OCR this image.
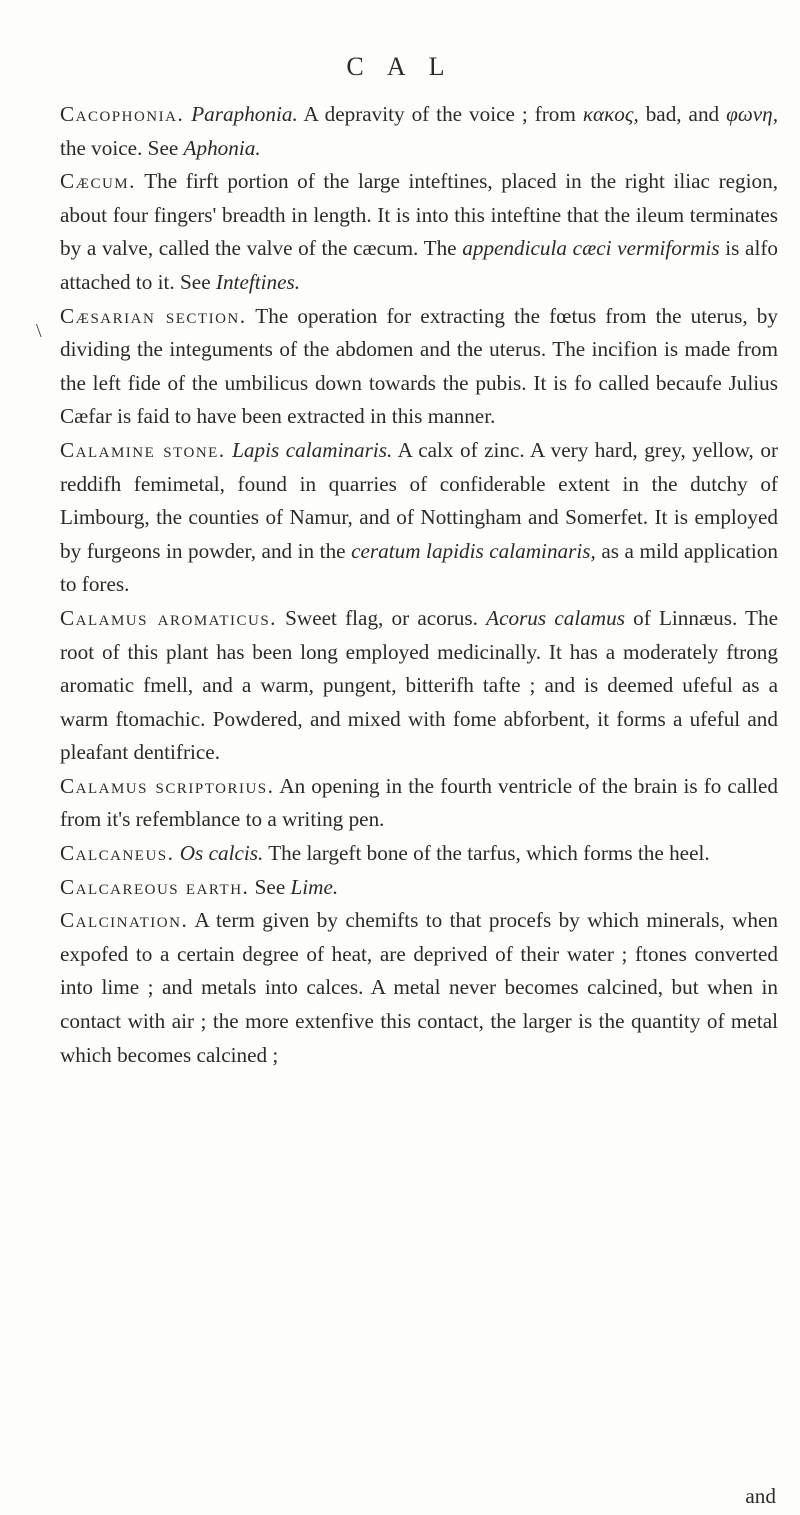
C A L
\

Cacophonia. Paraphonia. A depravity of the voice ; from κακος, bad, and φωνη, the voice. See Aphonia.

Cæcum. The firft portion of the large inteftines, placed in the right iliac region, about four fingers' breadth in length. It is into this inteftine that the ileum terminates by a valve, called the valve of the cæcum. The appendicula cæci vermiformis is alfo attached to it. See Inteftines.

Cæsarian section. The operation for extracting the fœtus from the uterus, by dividing the integuments of the abdomen and the uterus. The incifion is made from the left fide of the umbilicus down towards the pubis. It is fo called becaufe Julius Cæfar is faid to have been extracted in this manner.

Calamine stone. Lapis calaminaris. A calx of zinc. A very hard, grey, yellow, or reddifh femimetal, found in quarries of confiderable extent in the dutchy of Limbourg, the counties of Namur, and of Nottingham and Somerfet. It is employed by furgeons in powder, and in the ceratum lapidis calaminaris, as a mild application to fores.

Calamus aromaticus. Sweet flag, or acorus. Acorus calamus of Linnæus. The root of this plant has been long employed medicinally. It has a moderately ftrong aromatic fmell, and a warm, pungent, bitterifh tafte ; and is deemed ufeful as a warm ftomachic. Powdered, and mixed with fome abforbent, it forms a ufeful and pleafant dentifrice.

Calamus scriptorius. An opening in the fourth ventricle of the brain is fo called from it's refemblance to a writing pen.

Calcaneus. Os calcis. The largeft bone of the tarfus, which forms the heel.

Calcareous earth. See Lime.

Calcination. A term given by chemifts to that procefs by which minerals, when expofed to a certain degree of heat, are deprived of their water ; ftones converted into lime ; and metals into calces. A metal never becomes calcined, but when in contact with air ; the more extenfive this contact, the larger is the quantity of metal which becomes calcined ;

and
